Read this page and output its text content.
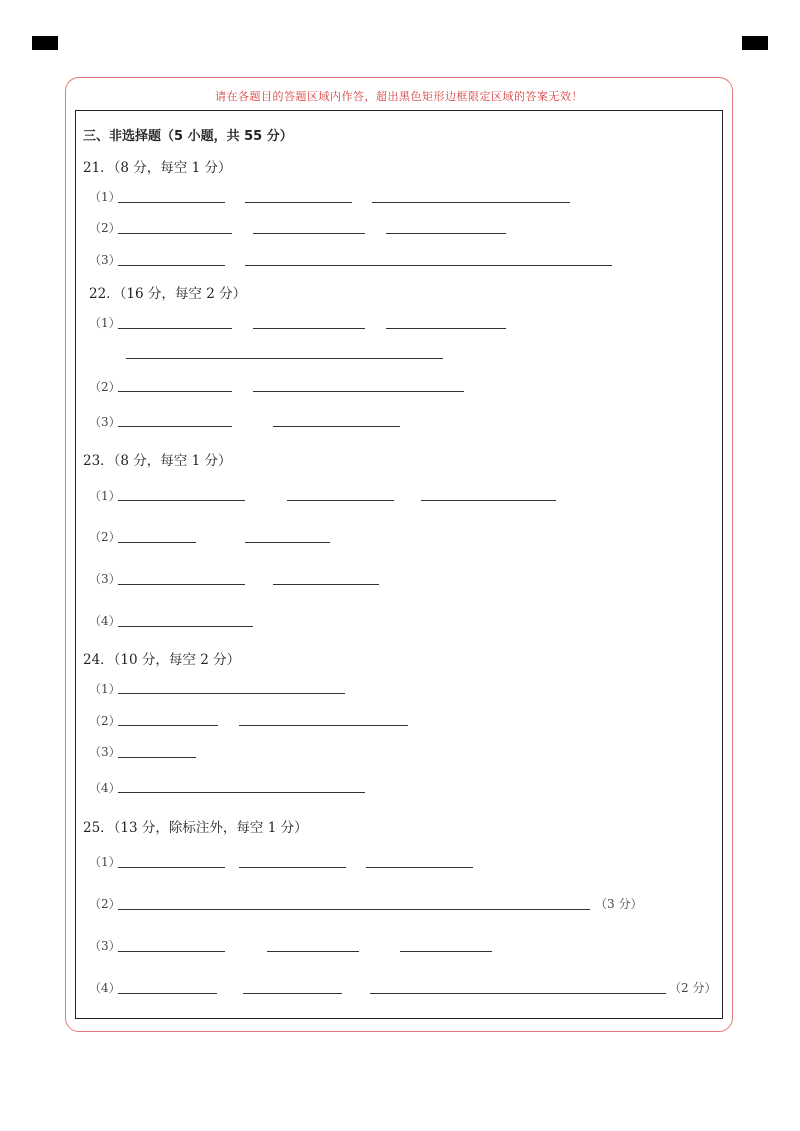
请在各题目的答题区域内作答，超出黑色矩形边框限定区域的答案无效！
三、非选择题（5 小题，共 55 分）
21．（8 分，每空 1 分）
（1）
（2）
（3）
22．（16 分，每空 2 分）
（1）
（2）
（3）
23．（8 分，每空 1 分）
（1）
（2）
（3）
（4）
24．（10 分，每空 2 分）
（1）
（2）
（3）
（4）
25．（13 分，除标注外，每空 1 分）
（1）
（2）	（3 分）
（3）
（4）	（2 分）
